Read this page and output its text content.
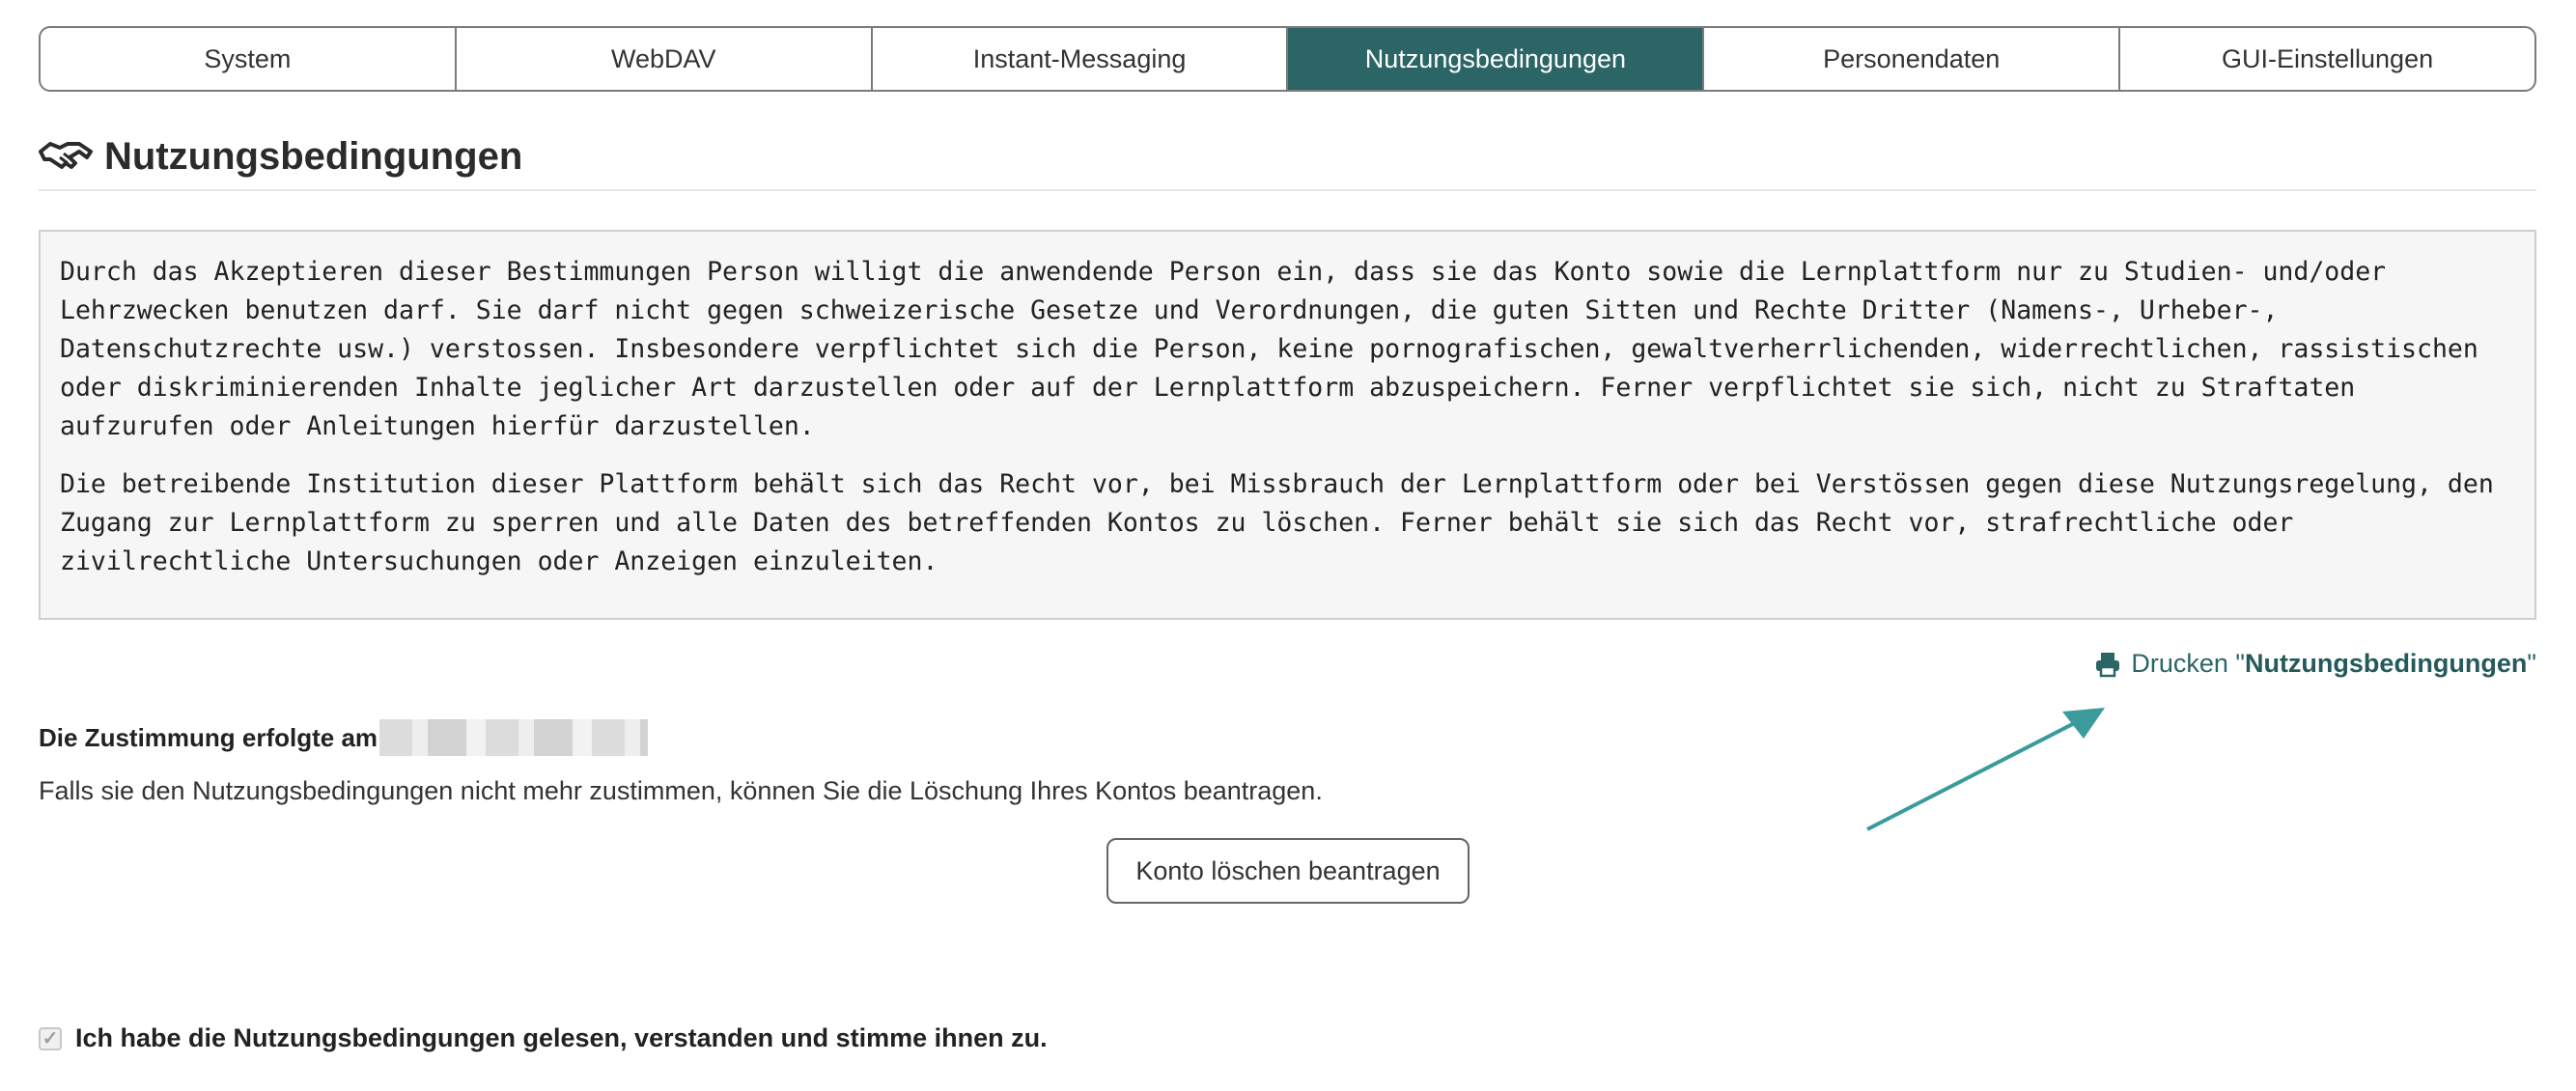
System	WebDAV	Instant-Messaging	Nutzungsbedingungen	Personendaten	GUI-Einstellungen
Nutzungsbedingungen

Durch das Akzeptieren dieser Bestimmungen Person willigt die anwendende Person ein, dass sie das Konto sowie die Lernplattform nur zu Studien- und/oder Lehrzwecken benutzen darf. Sie darf nicht gegen schweizerische Gesetze und Verordnungen, die guten Sitten und Rechte Dritter (Namens-, Urheber-, Datenschutzrechte usw.) verstossen. Insbesondere verpflichtet sich die Person, keine pornografischen, gewaltverherrlichenden, widerrechtlichen, rassistischen oder diskriminierenden Inhalte jeglicher Art darzustellen oder auf der Lernplattform abzuspeichern. Ferner verpflichtet sie sich, nicht zu Straftaten aufzurufen oder Anleitungen hierfür darzustellen.

Die betreibende Institution dieser Plattform behält sich das Recht vor, bei Missbrauch der Lernplattform oder bei Verstössen gegen diese Nutzungsregelung, den Zugang zur Lernplattform zu sperren und alle Daten des betreffenden Kontos zu löschen. Ferner behält sie sich das Recht vor, strafrechtliche oder zivilrechtliche Untersuchungen oder Anzeigen einzuleiten.

Drucken " Nutzungsbedingungen "
Die Zustimmung erfolgte am
Falls sie den Nutzungsbedingungen nicht mehr zustimmen, können Sie die Löschung Ihres Kontos beantragen.
Konto löschen beantragen
✓ Ich habe die Nutzungsbedingungen gelesen, verstanden und stimme ihnen zu.
